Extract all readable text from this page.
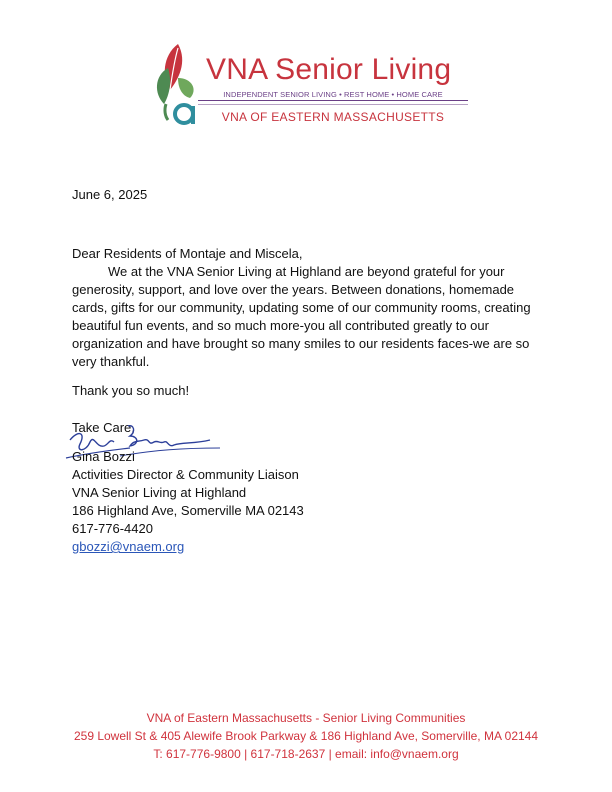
VNA Senior Living
INDEPENDENT SENIOR LIVING • REST HOME • HOME CARE
VNA OF EASTERN MASSACHUSETTS
June 6, 2025
Dear Residents of Montaje and Miscela,
We at the VNA Senior Living at Highland are beyond grateful for your
generosity, support, and love over the years. Between donations, homemade
cards, gifts for our community, updating some of our community rooms, creating
beautiful fun events, and so much more-you all contributed greatly to our
organization and have brought so many smiles to our residents faces-we are so
very thankful.
Thank you so much!
Take Care,
Gina Bozzi
Activities Director & Community Liaison
VNA Senior Living at Highland
186 Highland Ave, Somerville MA 02143
617-776-4420
gbozzi@vnaem.org
VNA of Eastern Massachusetts - Senior Living Communities
259 Lowell St & 405 Alewife Brook Parkway & 186 Highland Ave, Somerville, MA 02144
T: 617-776-9800 | 617-718-2637 | email: info@vnaem.org
